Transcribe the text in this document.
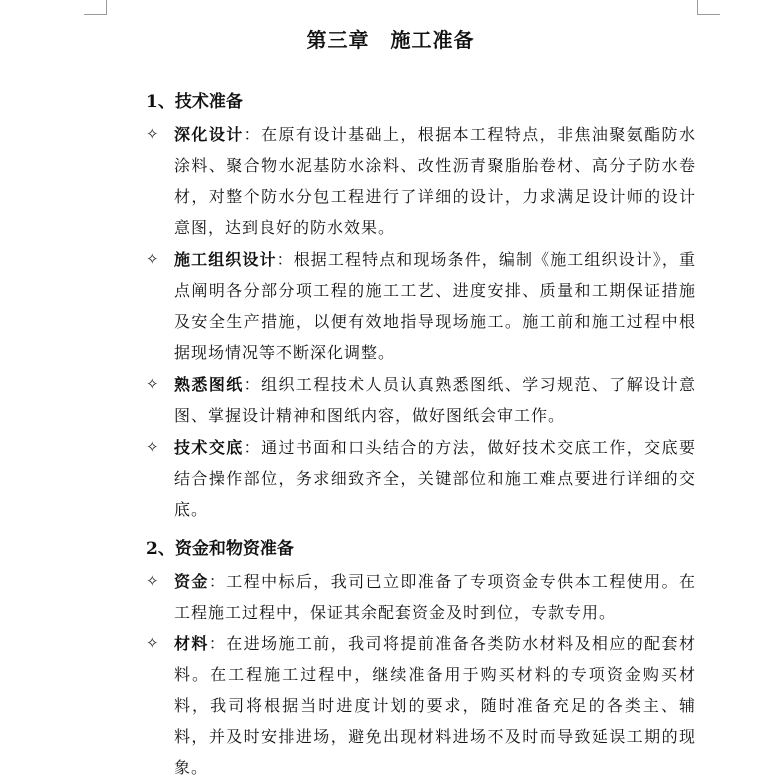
第三章　施工准备
1、技术准备
✧ 深化设计：在原有设计基础上，根据本工程特点，非焦油聚氨酯防水涂料、聚合物水泥基防水涂料、改性沥青聚脂胎卷材、高分子防水卷材，对整个防水分包工程进行了详细的设计，力求满足设计师的设计意图，达到良好的防水效果。
✧ 施工组织设计：根据工程特点和现场条件，编制《施工组织设计》，重点阐明各分部分项工程的施工工艺、进度安排、质量和工期保证措施及安全生产措施，以便有效地指导现场施工。施工前和施工过程中根据现场情况等不断深化调整。
✧ 熟悉图纸：组织工程技术人员认真熟悉图纸、学习规范、了解设计意图、掌握设计精神和图纸内容，做好图纸会审工作。
✧ 技术交底：通过书面和口头结合的方法，做好技术交底工作，交底要结合操作部位，务求细致齐全，关键部位和施工难点要进行详细的交底。
2、资金和物资准备
✧ 资金：工程中标后，我司已立即准备了专项资金专供本工程使用。在工程施工过程中，保证其余配套资金及时到位，专款专用。
✧ 材料：在进场施工前，我司将提前准备各类防水材料及相应的配套材料。在工程施工过程中，继续准备用于购买材料的专项资金购买材料，我司将根据当时进度计划的要求，随时准备充足的各类主、辅料，并及时安排进场，避免出现材料进场不及时而导致延误工期的现象。
